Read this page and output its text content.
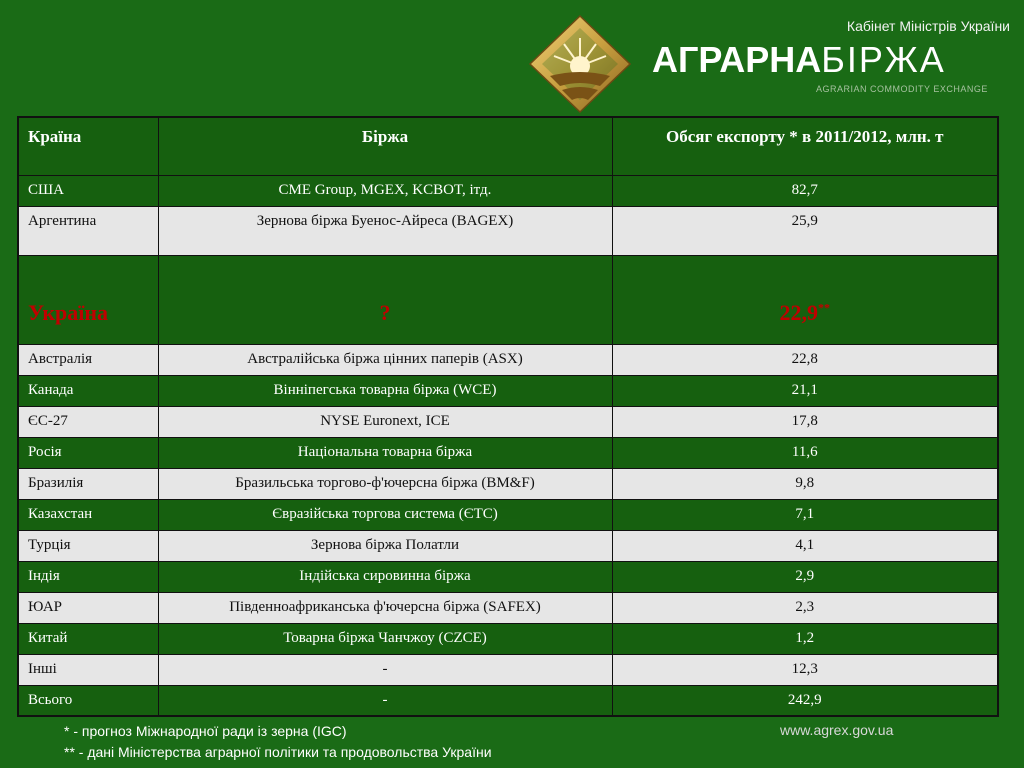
Кабінет Міністрів України
АГРАРНАБІРЖА
AGRARIAN COMMODITY EXCHANGE
Країна	Біржа	Обсяг експорту * в 2011/2012, млн. т
США	CME Group, MGEX, KCBOT, ітд.	82,7
Аргентина	Зернова біржа Буенос-Айреса (BAGEX)	25,9
Україна	?	22,9**
Австралія	Австралійська біржа цінних паперів (ASX)	22,8
Канада	Вінніпегська товарна біржа (WCE)	21,1
ЄС-27	NYSE Euronext, ICE	17,8
Росія	Національна товарна біржа	11,6
Бразилія	Бразильська торгово-ф'ючерсна біржа (BM&F)	9,8
Казахстан	Євразійська торгова система (ЄТС)	7,1
Турція	Зернова біржа Полатли	4,1
Індія	Індійська сировинна біржа	2,9
ЮАР	Південноафриканська ф'ючерсна біржа (SAFEX)	2,3
Китай	Товарна біржа Чанчжоу (CZCE)	1,2
Інші	-	12,3
Всього	-	242,9
* - прогноз Міжнародної ради із зерна (IGC)
** - дані Міністерства аграрної політики та продовольства України
www.agrex.gov.ua
